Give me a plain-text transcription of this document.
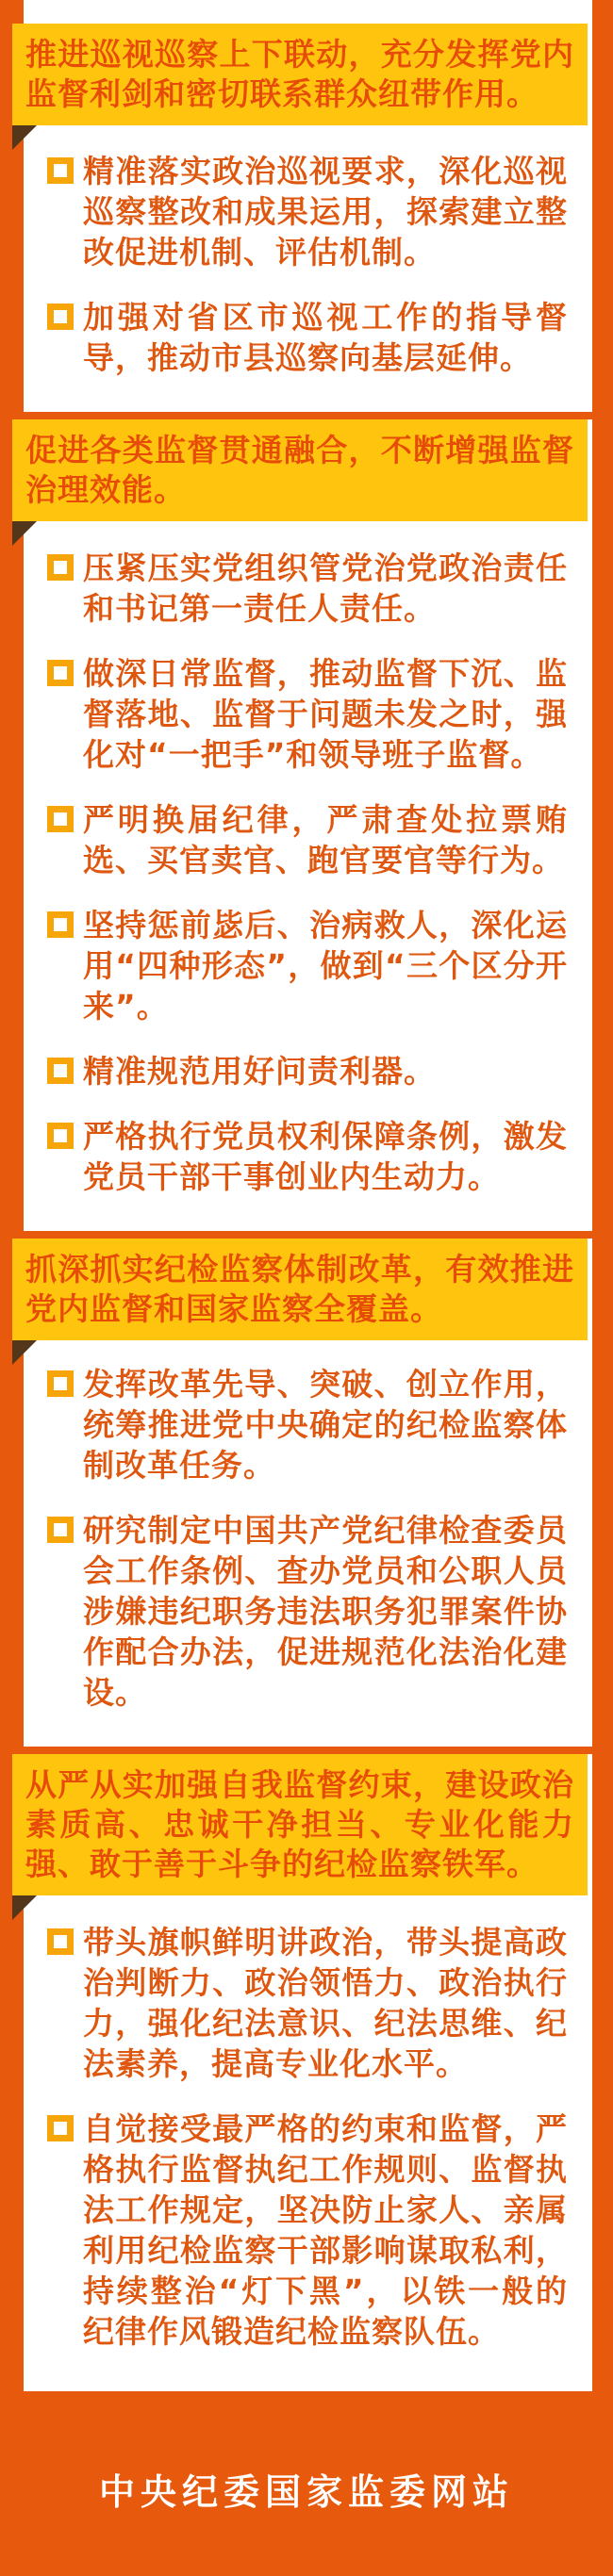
推进巡视巡察上下联动，充分发挥党内监督利剑和密切联系群众纽带作用。

精准落实政治巡视要求，深化巡视巡察整改和成果运用，探索建立整改促进机制、评估机制。

加强对省区市巡视工作的指导督导，推动市县巡察向基层延伸。

促进各类监督贯通融合，不断增强监督治理效能。

压紧压实党组织管党治党政治责任和书记第一责任人责任。

做深日常监督，推动监督下沉、监督落地、监督于问题未发之时，强化对“一把手”和领导班子监督。

严明换届纪律，严肃查处拉票贿选、买官卖官、跑官要官等行为。

坚持惩前毖后、治病救人，深化运用“四种形态”，做到“三个区分开来”。

精准规范用好问责利器。

严格执行党员权利保障条例，激发党员干部干事创业内生动力。

抓深抓实纪检监察体制改革，有效推进党内监督和国家监察全覆盖。

发挥改革先导、突破、创立作用，统筹推进党中央确定的纪检监察体制改革任务。

研究制定中国共产党纪律检查委员会工作条例、查办党员和公职人员涉嫌违纪职务违法职务犯罪案件协作配合办法，促进规范化法治化建设。

从严从实加强自我监督约束，建设政治素质高、忠诚干净担当、专业化能力强、敢于善于斗争的纪检监察铁军。

带头旗帜鲜明讲政治，带头提高政治判断力、政治领悟力、政治执行力，强化纪法意识、纪法思维、纪法素养，提高专业化水平。

自觉接受最严格的约束和监督，严格执行监督执纪工作规则、监督执法工作规定，坚决防止家人、亲属利用纪检监察干部影响谋取私利，持续整治“灯下黑”，以铁一般的纪律作风锻造纪检监察队伍。

中央纪委国家监委网站
